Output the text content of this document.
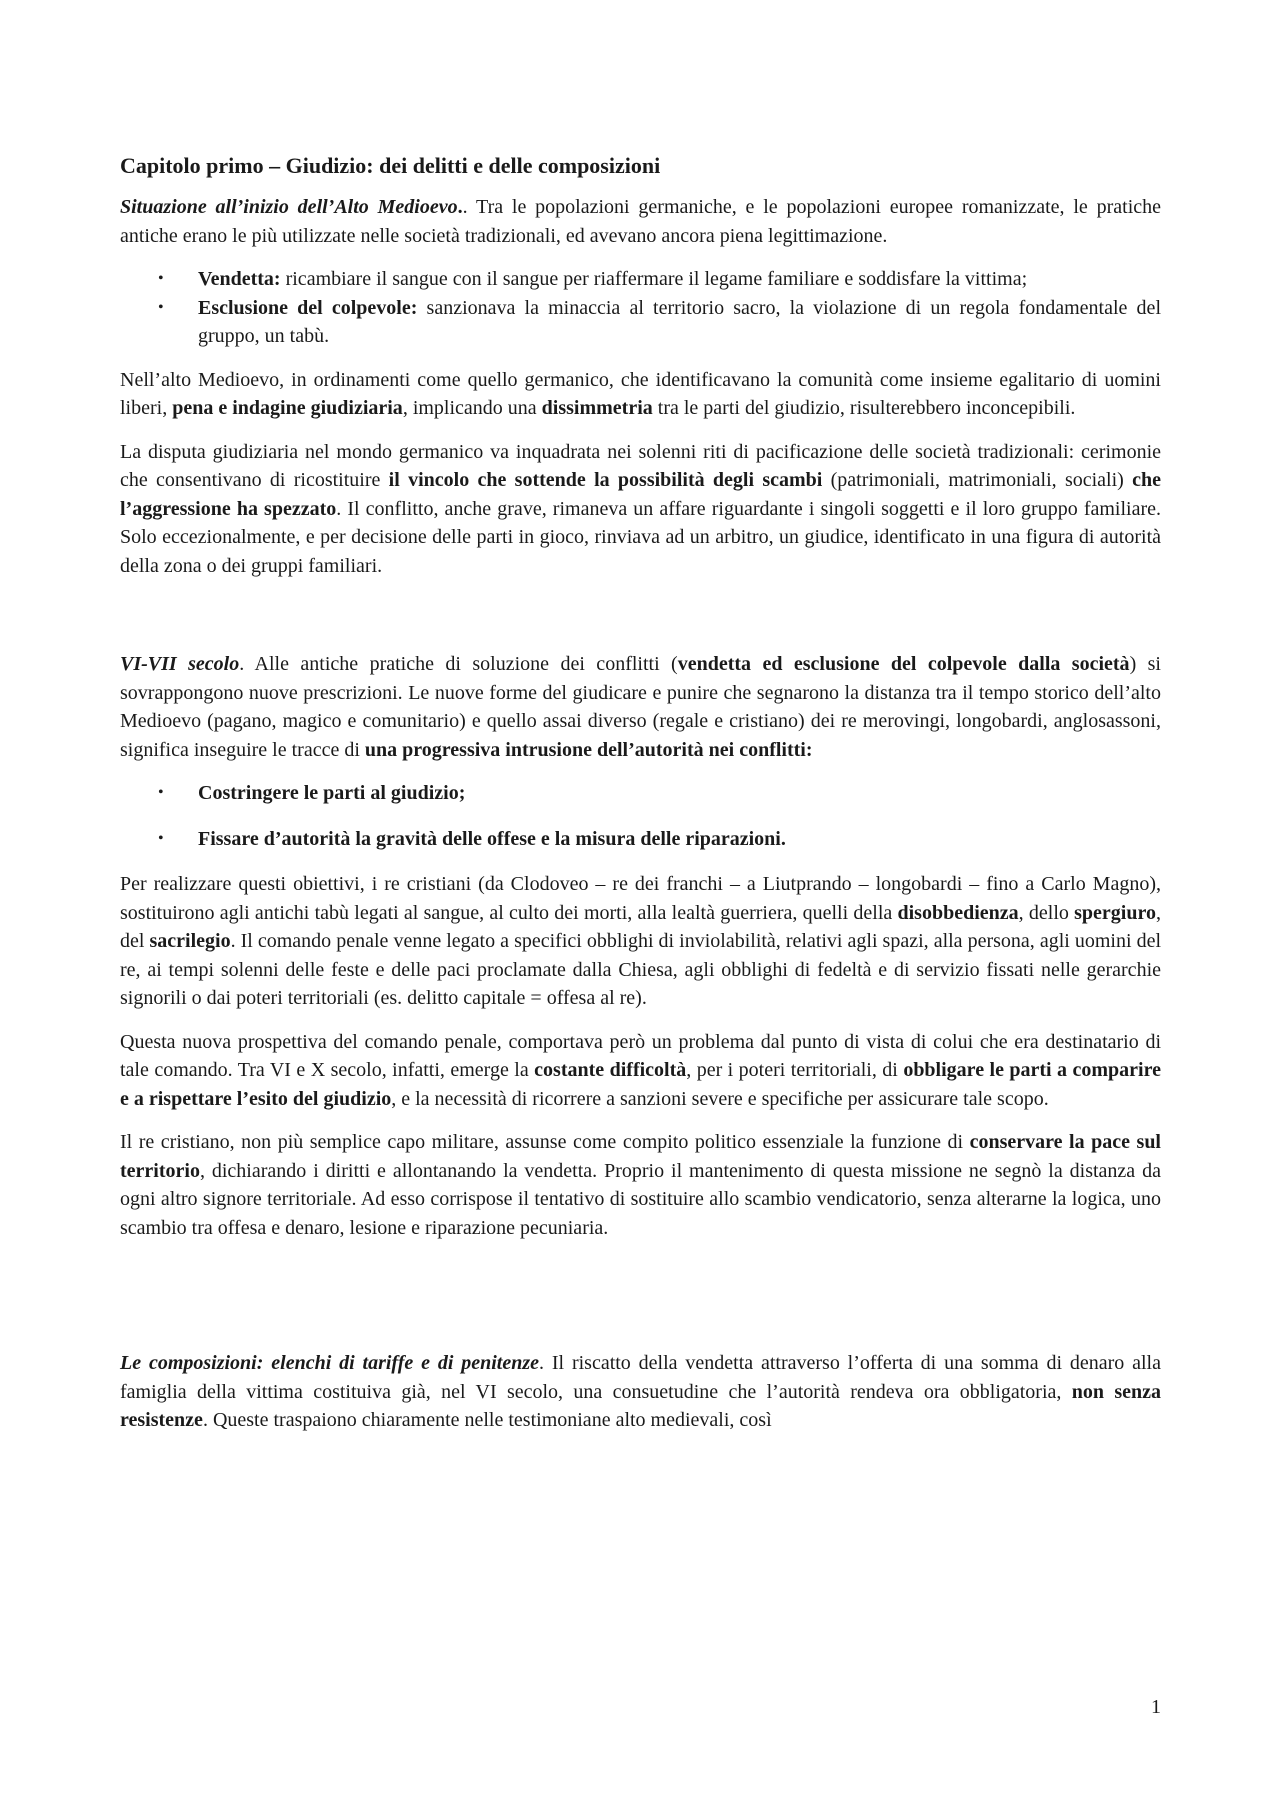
Capitolo primo – Giudizio: dei delitti e delle composizioni

Situazione all’inizio dell’Alto Medioevo.. Tra le popolazioni germaniche, e le popolazioni europee romanizzate, le pratiche antiche erano le più utilizzate nelle società tradizionali, ed avevano ancora piena legittimazione.

• Vendetta: ricambiare il sangue con il sangue per riaffermare il legame familiare e soddisfare la vittima;
• Esclusione del colpevole: sanzionava la minaccia al territorio sacro, la violazione di un regola fondamentale del gruppo, un tabù.

Nell’alto Medioevo, in ordinamenti come quello germanico, che identificavano la comunità come insieme egalitario di uomini liberi, pena e indagine giudiziaria, implicando una dissimmetria tra le parti del giudizio, risulterebbero inconcepibili.

La disputa giudiziaria nel mondo germanico va inquadrata nei solenni riti di pacificazione delle società tradizionali: cerimonie che consentivano di ricostituire il vincolo che sottende la possibilità degli scambi (patrimoniali, matrimoniali, sociali) che l’aggressione ha spezzato. Il conflitto, anche grave, rimaneva un affare riguardante i singoli soggetti e il loro gruppo familiare. Solo eccezionalmente, e per decisione delle parti in gioco, rinviava ad un arbitro, un giudice, identificato in una figura di autorità della zona o dei gruppi familiari.

VI-VII secolo. Alle antiche pratiche di soluzione dei conflitti (vendetta ed esclusione del colpevole dalla società) si sovrappongono nuove prescrizioni. Le nuove forme del giudicare e punire che segnarono la distanza tra il tempo storico dell’alto Medioevo (pagano, magico e comunitario) e quello assai diverso (regale e cristiano) dei re merovingi, longobardi, anglosassoni, significa inseguire le tracce di una progressiva intrusione dell’autorità nei conflitti:

• Costringere le parti al giudizio;
• Fissare d’autorità la gravità delle offese e la misura delle riparazioni.

Per realizzare questi obiettivi, i re cristiani (da Clodoveo – re dei franchi – a Liutprando – longobardi – fino a Carlo Magno), sostituirono agli antichi tabù legati al sangue, al culto dei morti, alla lealtà guerriera, quelli della disobbedienza, dello spergiuro, del sacrilegio. Il comando penale venne legato a specifici obblighi di inviolabilità, relativi agli spazi, alla persona, agli uomini del re, ai tempi solenni delle feste e delle paci proclamate dalla Chiesa, agli obblighi di fedeltà e di servizio fissati nelle gerarchie signorili o dai poteri territoriali (es. delitto capitale = offesa al re).

Questa nuova prospettiva del comando penale, comportava però un problema dal punto di vista di colui che era destinatario di tale comando. Tra VI e X secolo, infatti, emerge la costante difficoltà, per i poteri territoriali, di obbligare le parti a comparire e a rispettare l’esito del giudizio, e la necessità di ricorrere a sanzioni severe e specifiche per assicurare tale scopo.

Il re cristiano, non più semplice capo militare, assunse come compito politico essenziale la funzione di conservare la pace sul territorio, dichiarando i diritti e allontanando la vendetta. Proprio il mantenimento di questa missione ne segnò la distanza da ogni altro signore territoriale. Ad esso corrispose il tentativo di sostituire allo scambio vendicatorio, senza alterarne la logica, uno scambio tra offesa e denaro, lesione e riparazione pecuniaria.

Le composizioni: elenchi di tariffe e di penitenze. Il riscatto della vendetta attraverso l’offerta di una somma di denaro alla famiglia della vittima costituiva già, nel VI secolo, una consuetudine che l’autorità rendeva ora obbligatoria, non senza resistenze. Queste traspaiono chiaramente nelle testimoniane alto medievali, così

1
